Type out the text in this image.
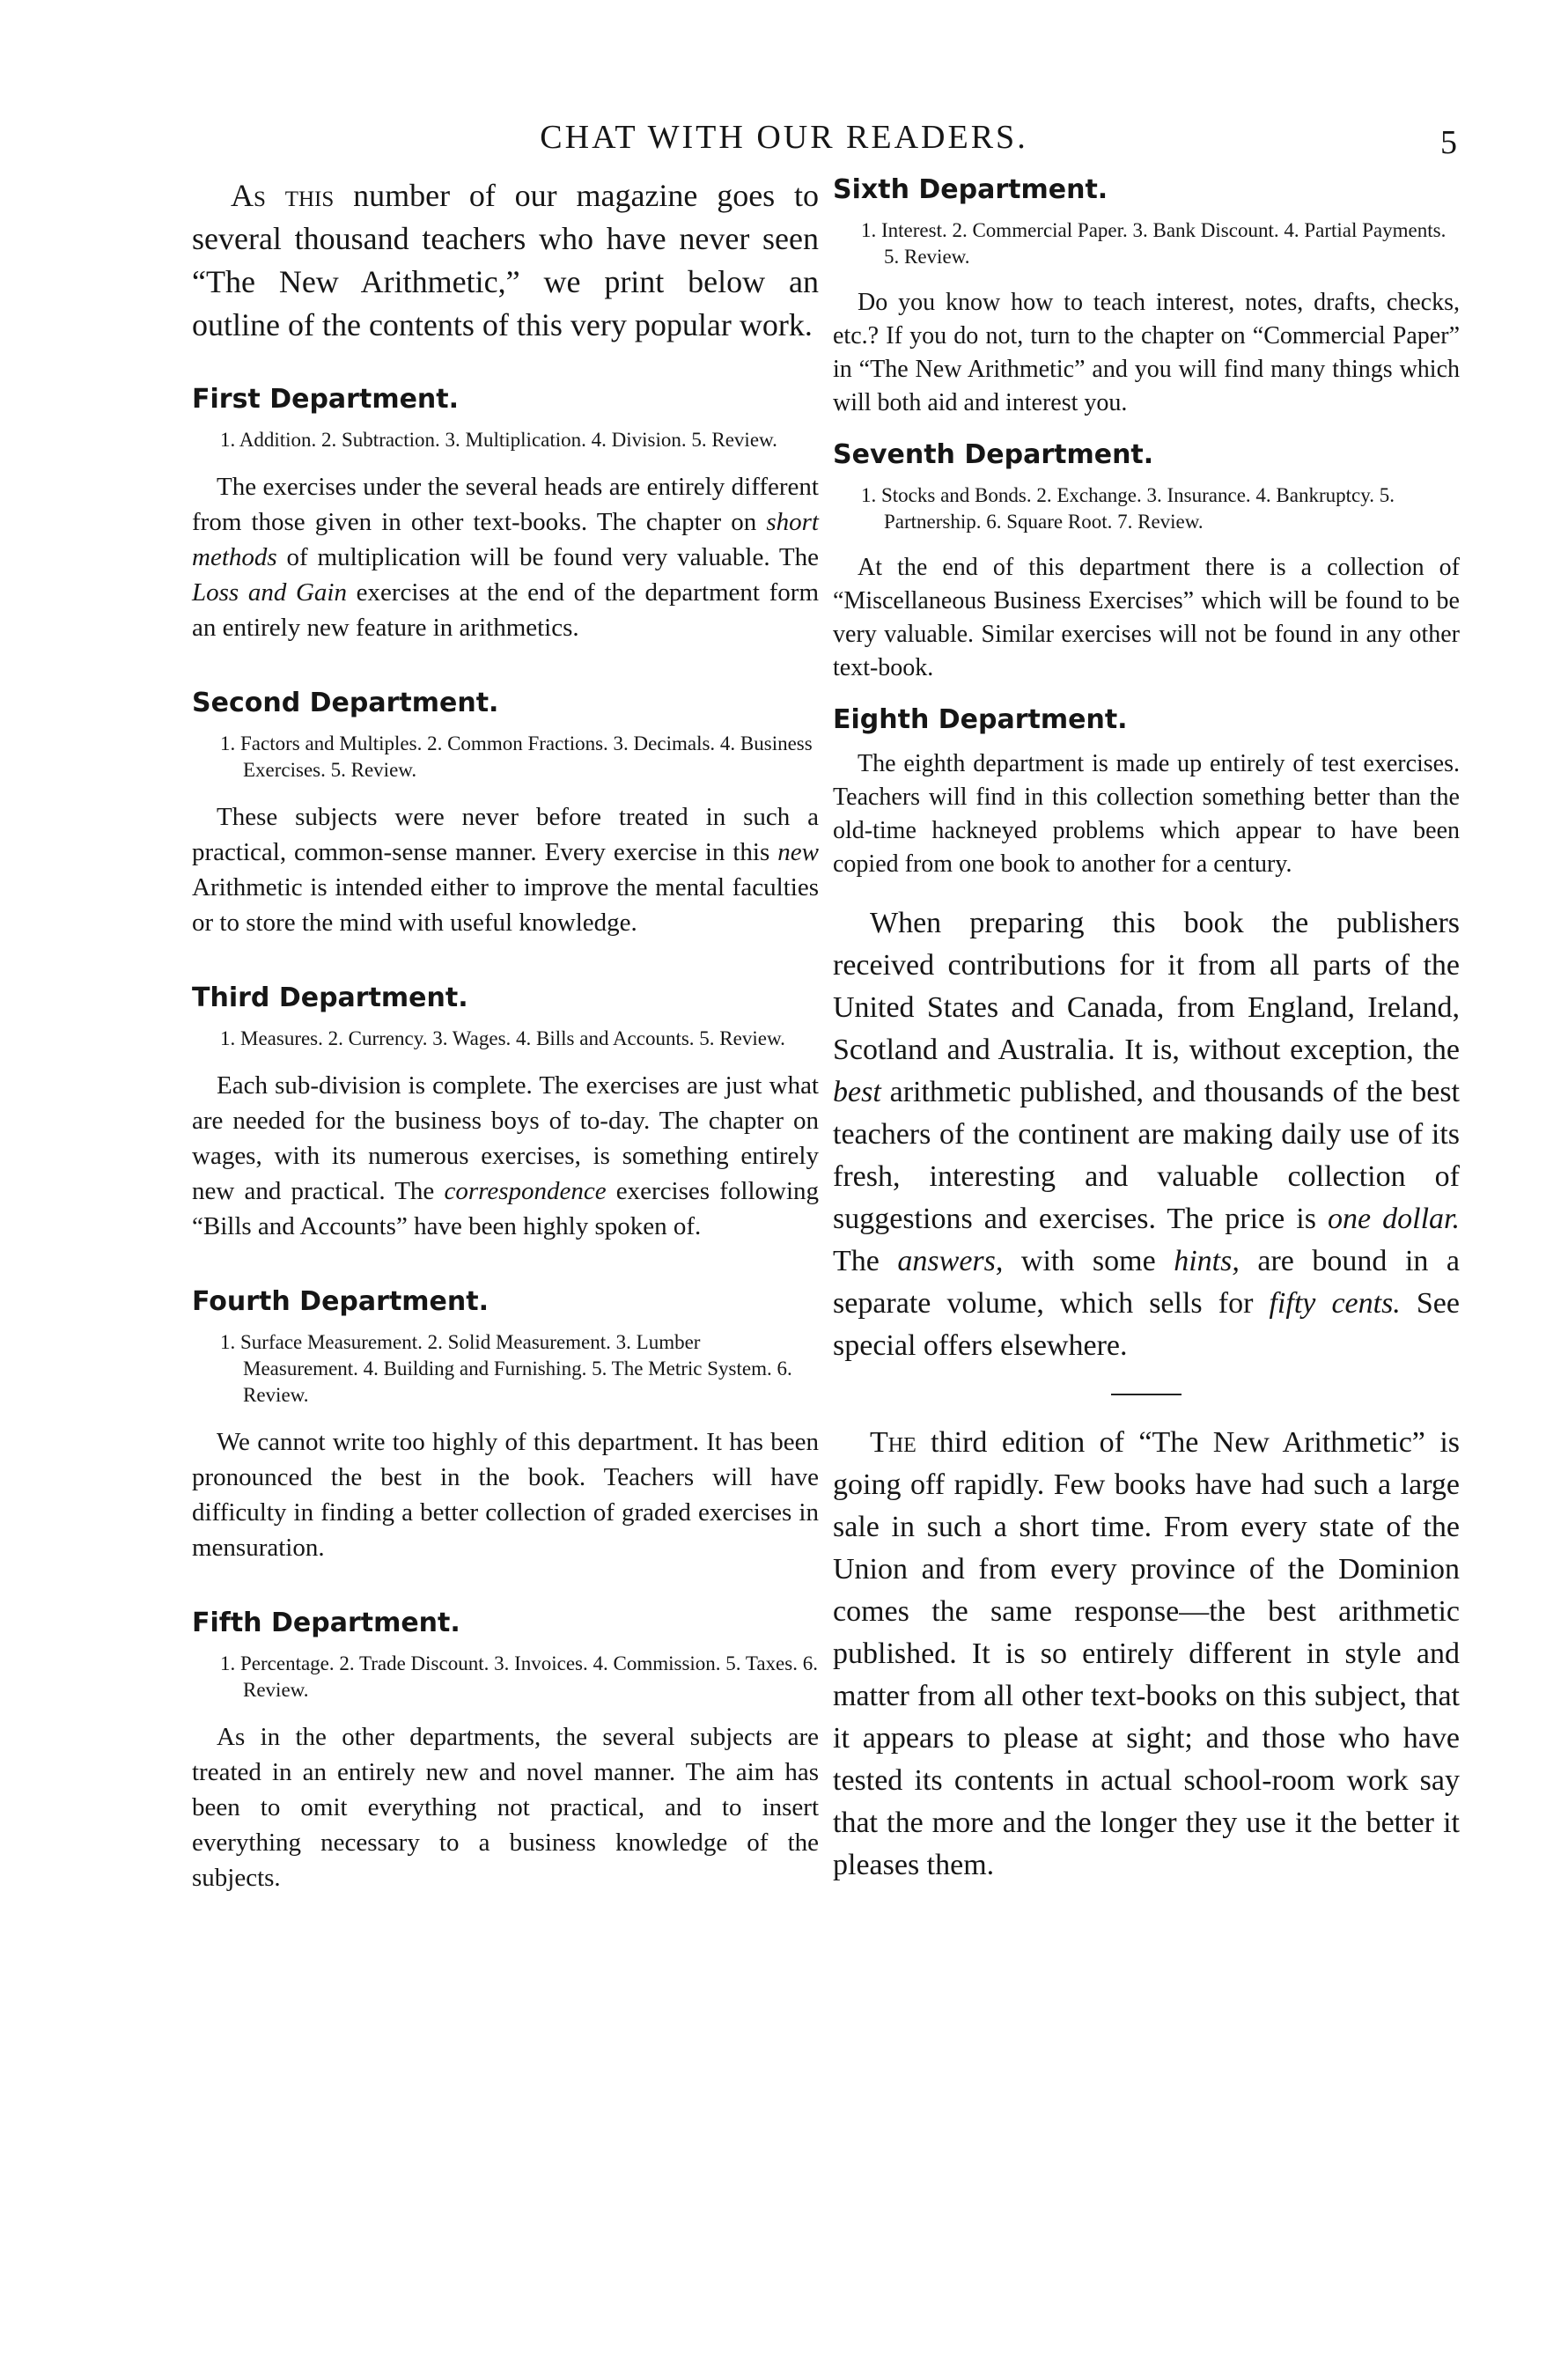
CHAT WITH OUR READERS.	5

As this number of our magazine goes to several thousand teachers who have never seen “The New Arithmetic,” we print below an outline of the contents of this very popular work.

First Department.
1. Addition. 2. Subtraction. 3. Multiplication. 4. Division. 5. Review.

The exercises under the several heads are entirely different from those given in other text-books. The chapter on short methods of multiplication will be found very valuable. The Loss and Gain exercises at the end of the department form an entirely new feature in arithmetics.

Second Department.
1. Factors and Multiples. 2. Common Fractions. 3. Decimals. 4. Business Exercises. 5. Review.

These subjects were never before treated in such a practical, common-sense manner. Every exercise in this new Arithmetic is intended either to improve the mental faculties or to store the mind with useful knowledge.

Third Department.
1. Measures. 2. Currency. 3. Wages. 4. Bills and Accounts. 5. Review.

Each sub-division is complete. The exercises are just what are needed for the business boys of to-day. The chapter on wages, with its numerous exercises, is something entirely new and practical. The correspondence exercises following “Bills and Accounts” have been highly spoken of.

Fourth Department.
1. Surface Measurement. 2. Solid Measurement. 3. Lumber Measurement. 4. Building and Furnishing. 5. The Metric System. 6. Review.

We cannot write too highly of this department. It has been pronounced the best in the book. Teachers will have difficulty in finding a better collection of graded exercises in mensuration.

Fifth Department.
1. Percentage. 2. Trade Discount. 3. Invoices. 4. Commission. 5. Taxes. 6. Review.

As in the other departments, the several subjects are treated in an entirely new and novel manner. The aim has been to omit everything not practical, and to insert everything necessary to a business knowledge of the subjects.

Sixth Department.
1. Interest. 2. Commercial Paper. 3. Bank Discount. 4. Partial Payments. 5. Review.

Do you know how to teach interest, notes, drafts, checks, etc.? If you do not, turn to the chapter on “Commercial Paper” in “The New Arithmetic” and you will find many things which will both aid and interest you.

Seventh Department.
1. Stocks and Bonds. 2. Exchange. 3. Insurance. 4. Bankruptcy. 5. Partnership. 6. Square Root. 7. Review.

At the end of this department there is a collection of “Miscellaneous Business Exercises” which will be found to be very valuable. Similar exercises will not be found in any other text-book.

Eighth Department.

The eighth department is made up entirely of test exercises. Teachers will find in this collection something better than the old-time hackneyed problems which appear to have been copied from one book to another for a century.

When preparing this book the publishers received contributions for it from all parts of the United States and Canada, from England, Ireland, Scotland and Australia. It is, without exception, the best arithmetic published, and thousands of the best teachers of the continent are making daily use of its fresh, interesting and valuable collection of suggestions and exercises. The price is one dollar. The answers, with some hints, are bound in a separate volume, which sells for fifty cents. See special offers elsewhere.

The third edition of “The New Arithmetic” is going off rapidly. Few books have had such a large sale in such a short time. From every state of the Union and from every province of the Dominion comes the same response—the best arithmetic published. It is so entirely different in style and matter from all other text-books on this subject, that it appears to please at sight; and those who have tested its contents in actual school-room work say that the more and the longer they use it the better it pleases them.
